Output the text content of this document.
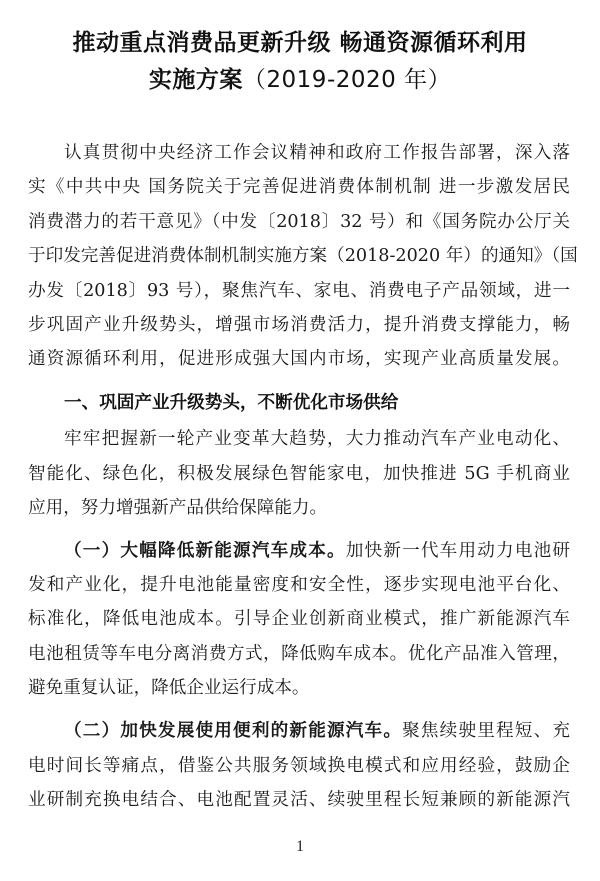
推动重点消费品更新升级 畅通资源循环利用
实施方案（2019-2020 年）
认真贯彻中央经济工作会议精神和政府工作报告部署，深入落
实《中共中央 国务院关于完善促进消费体制机制 进一步激发居民
消费潜力的若干意见》（中发〔2018〕32 号）和《国务院办公厅关
于印发完善促进消费体制机制实施方案（2018-2020 年）的通知》（国
办发〔2018〕93 号），聚焦汽车、家电、消费电子产品领域，进一
步巩固产业升级势头，增强市场消费活力，提升消费支撑能力，畅
通资源循环利用，促进形成强大国内市场，实现产业高质量发展。
一、巩固产业升级势头，不断优化市场供给
牢牢把握新一轮产业变革大趋势，大力推动汽车产业电动化、
智能化、绿色化，积极发展绿色智能家电，加快推进 5G 手机商业
应用，努力增强新产品供给保障能力。
（一）大幅降低新能源汽车成本。加快新一代车用动力电池研
发和产业化，提升电池能量密度和安全性，逐步实现电池平台化、
标准化，降低电池成本。引导企业创新商业模式，推广新能源汽车
电池租赁等车电分离消费方式，降低购车成本。优化产品准入管理，
避免重复认证，降低企业运行成本。
（二）加快发展使用便利的新能源汽车。聚焦续驶里程短、充
电时间长等痛点，借鉴公共服务领域换电模式和应用经验，鼓励企
业研制充换电结合、电池配置灵活、续驶里程长短兼顾的新能源汽
1
